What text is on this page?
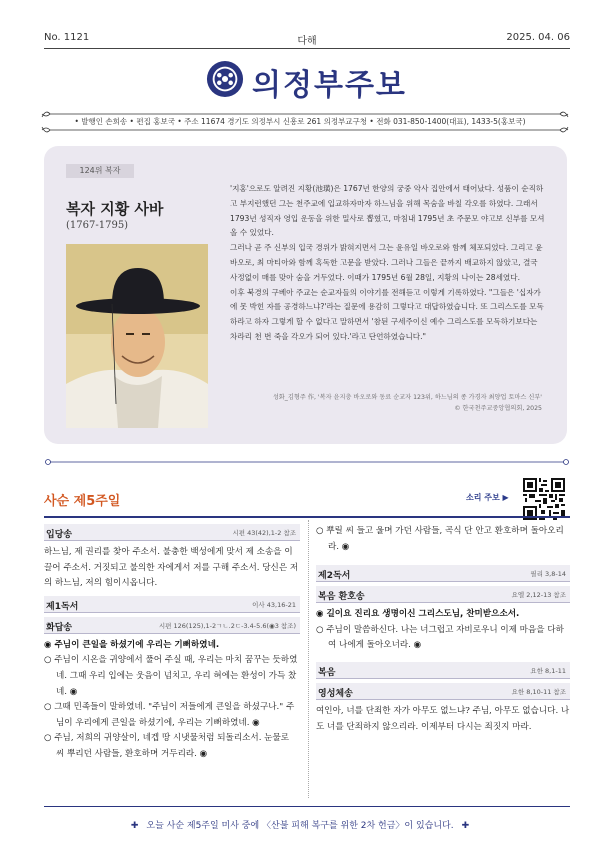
No. 1121	다해	2025. 04. 06
의정부주보
• 발행인 손희송 • 편집 홍보국 • 주소 11674 경기도 의정부시 신흥로 261 의정부교구청 • 전화 031-850-1400(대표), 1433-5(홍보국)
124위 복자
복자 지황 사바
(1767-1795)

'지홍'으로도 알려진 지황(池璜)은 1767년 한양의 궁중 악사 집안에서 태어났다. 성품이 순직하고 부지런했던 그는 천주교에 입교하자마자 하느님을 위해 목숨을 바칠 각오를 하였다. 그래서 1793년 성직자 영입 운동을 위한 밀사로 뽑혔고, 마침내 1795년 초 주문모 야고보 신부를 모셔올 수 있었다.

그러나 곧 주 신부의 입국 경위가 밝혀지면서 그는 윤유일 바오로와 함께 체포되었다. 그리고 윤 바오로, 최 마티아와 함께 혹독한 고문을 받았다. 그러나 그들은 끝까지 배교하지 않았고, 결국 사정없이 매를 맞아 숨을 거두었다. 이때가 1795년 6월 28일, 지황의 나이는 28세였다.

이후 북경의 구베아 주교는 순교자들의 이야기를 전해듣고 이렇게 기록하였다. "그들은 '십자가에 못 박힌 자를 공경하느냐?'라는 질문에 용감히 그렇다고 대답하였습니다. 또 그리스도를 모독하라고 하자 그렇게 할 수 없다고 말하면서 '참된 구세주이신 예수 그리스도를 모독하기보다는 차라리 천 번 죽을 각오가 되어 있다.'라고 단언하였습니다."

성화_김형주 作, '복자 윤지충 바오로와 동료 순교자 123위, 하느님의 종 가경자 최양업 토마스 신부'
© 한국천주교중앙협의회, 2025
사순 제5주일	소리 주보 ▶
입당송	시편 43(42),1-2 참조
하느님, 제 권리를 찾아 주소서. 불충한 백성에게 맞서 제 소송을 이끌어 주소서. 거짓되고 불의한 자에게서 저를 구해 주소서. 당신은 저의 하느님, 저의 힘이시옵니다.
제1독서	이사 43,16-21
화답송	시편 126(125),1-2ㄱㄴ.2ㄷ-3.4-5.6(◉3 참조)
◉ 주님이 큰일을 하셨기에 우리는 기뻐하였네.
○ 주님이 시온을 귀양에서 풀어 주실 때, 우리는 마치 꿈꾸는 듯하였네. 그때 우리 입에는 웃음이 넘치고, 우리 혀에는 환성이 가득 찼네. ◉
○ 그때 민족들이 말하였네. "주님이 저들에게 큰일을 하셨구나." 주님이 우리에게 큰일을 하셨기에, 우리는 기뻐하였네. ◉
○ 주님, 저희의 귀양살이, 네겝 땅 시냇물처럼 되돌리소서. 눈물로 씨 뿌리던 사람들, 환호하며 거두리라. ◉
○ 뿌릴 씨 들고 울며 가던 사람들, 곡식 단 안고 환호하며 돌아오리라. ◉
제2독서	필리 3,8-14
복음 환호송	요엘 2,12-13 참조
◉ 길이요 진리요 생명이신 그리스도님, 찬미받으소서.
○ 주님이 말씀하신다. 나는 너그럽고 자비로우니 이제 마음을 다하여 나에게 돌아오너라. ◉
복음	요한 8,1-11
영성체송	요한 8,10-11 참조
여인아, 너를 단죄한 자가 아무도 없느냐? 주님, 아무도 없습니다. 나도 너를 단죄하지 않으리라. 이제부터 다시는 죄짓지 마라.
✚ 오늘 사순 제5주일 미사 중에 〈산불 피해 복구를 위한 2차 헌금〉이 있습니다. ✚
